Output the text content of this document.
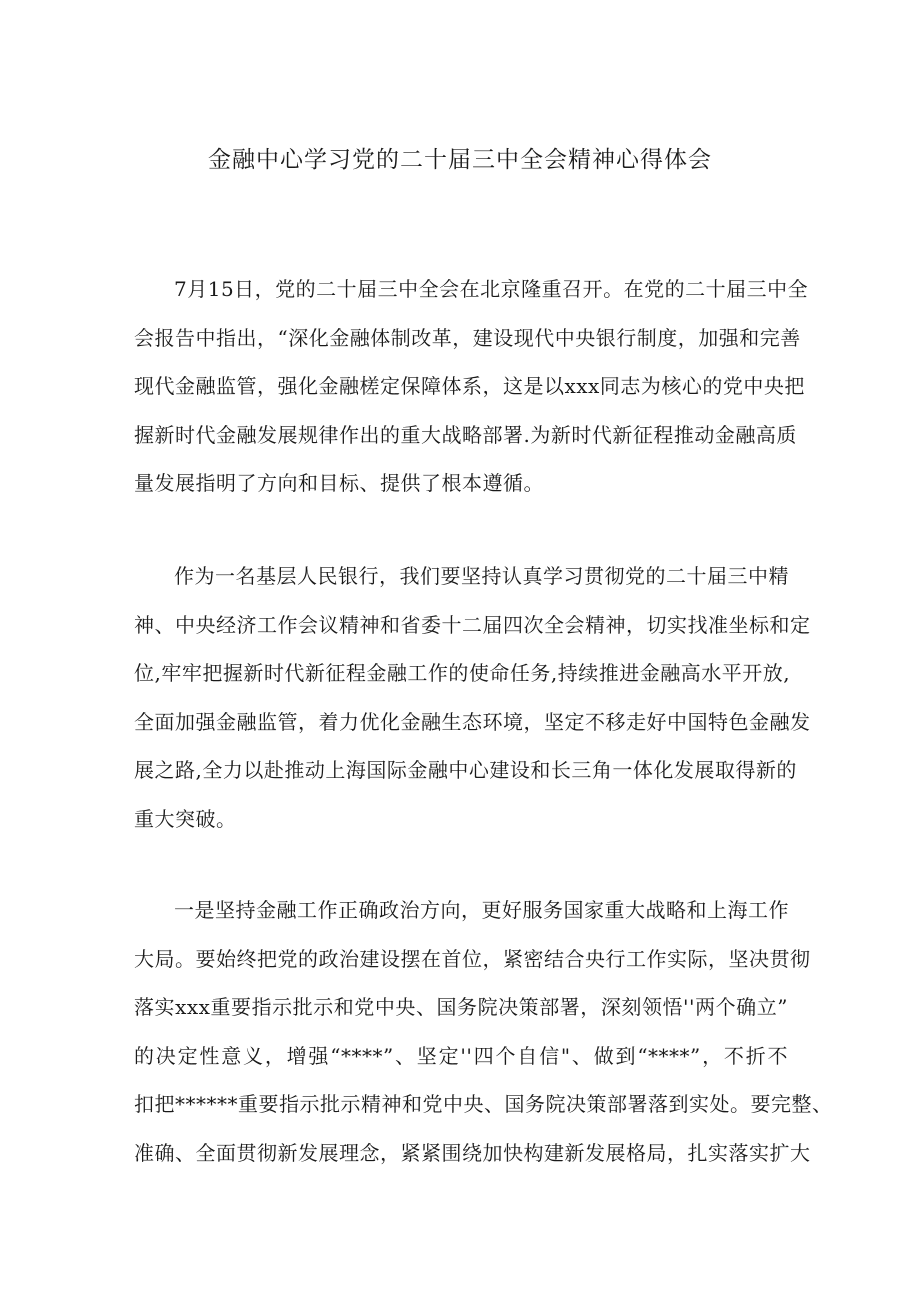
金融中心学习党的二十届三中全会精神心得体会
7月15日，党的二十届三中全会在北京隆重召开。在党的二十届三中全
会报告中指出，“深化金融体制改革，建设现代中央银行制度，加强和完善
现代金融监管，强化金融槎定保障体系，这是以xxx同志为核心的党中央把
握新时代金融发展规律作出的重大战略部署.为新时代新征程推动金融高质
量发展指明了方向和目标、提供了根本遵循。
作为一名基层人民银行，我们要坚持认真学习贯彻党的二十届三中精
神、中央经济工作会议精神和省委十二届四次全会精神，切实找准坐标和定
位,牢牢把握新时代新征程金融工作的使命任务,持续推进金融高水平开放,
全面加强金融监管，着力优化金融生态环境，坚定不移走好中国特色金融发
展之路,全力以赴推动上海国际金融中心建设和长三角一体化发展取得新的
重大突破。
一是坚持金融工作正确政治方向，更好服务国家重大战略和上海工作
大局。要始终把党的政治建设摆在首位，紧密结合央行工作实际，坚决贯彻
落实xxx重要指示批示和党中央、国务院决策部署，深刻领悟''两个确立”
的决定性意义，增强“****”、坚定''四个自信"、做到“****”，不折不
扣把******重要指示批示精神和党中央、国务院决策部署落到实处。要完整、
准确、全面贯彻新发展理念，紧紧围绕加快构建新发展格局，扎实落实扩大
